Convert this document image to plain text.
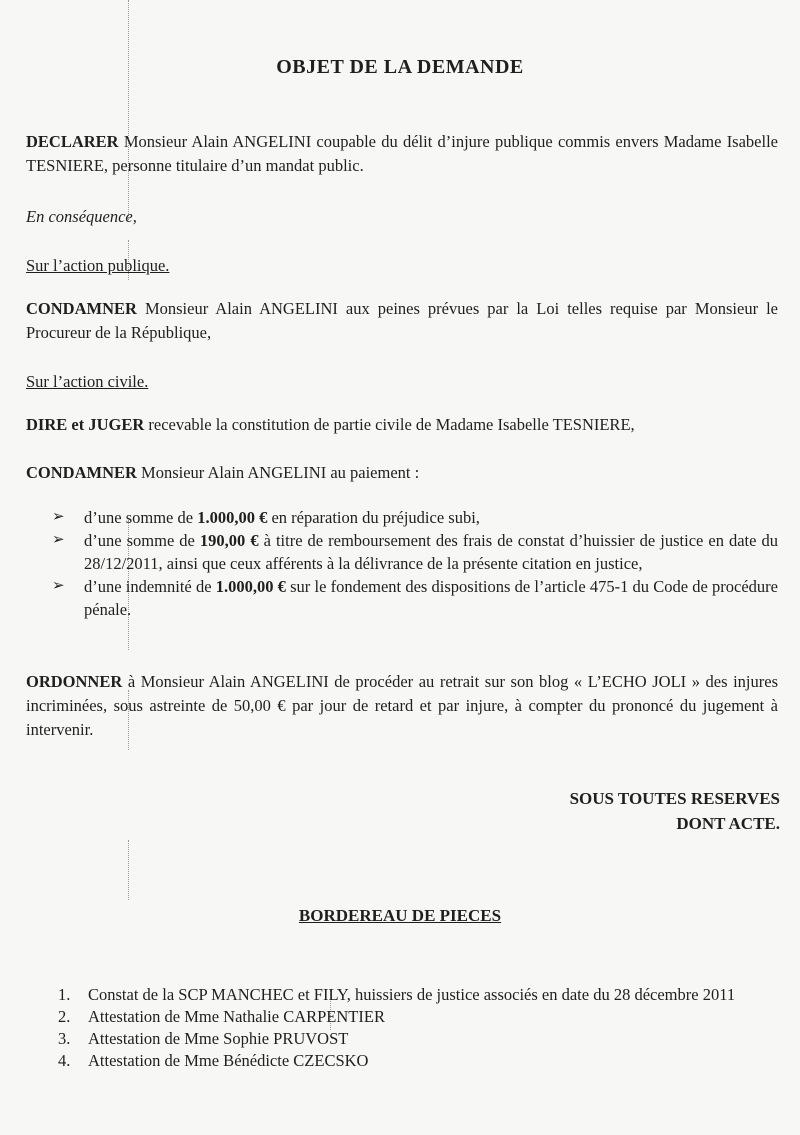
OBJET DE LA DEMANDE
DECLARER Monsieur Alain ANGELINI coupable du délit d’injure publique commis envers Madame Isabelle TESNIERE, personne titulaire d’un mandat public.
En conséquence,
Sur l’action publique.
CONDAMNER Monsieur Alain ANGELINI aux peines prévues par la Loi telles requise par Monsieur le Procureur de la République,
Sur l’action civile.
DIRE et JUGER recevable la constitution de partie civile de Madame Isabelle TESNIERE,
CONDAMNER Monsieur Alain ANGELINI au paiement :
➢ d’une somme de 1.000,00 € en réparation du préjudice subi,
➢ d’une somme de 190,00 € à titre de remboursement des frais de constat d’huissier de justice en date du 28/12/2011, ainsi que ceux afférents à la délivrance de la présente citation en justice,
➢ d’une indemnité de 1.000,00 € sur le fondement des dispositions de l’article 475-1 du Code de procédure pénale.
ORDONNER à Monsieur Alain ANGELINI de procéder au retrait sur son blog « L’ECHO JOLI » des injures incriminées, sous astreinte de 50,00 € par jour de retard et par injure, à compter du prononcé du jugement à intervenir.
SOUS TOUTES RESERVES
DONT ACTE.
BORDEREAU DE PIECES
1. Constat de la SCP MANCHEC et FILY, huissiers de justice associés en date du 28 décembre 2011
2. Attestation de Mme Nathalie CARPENTIER
3. Attestation de Mme Sophie PRUVOST
4. Attestation de Mme Bénédicte CZECSKO
